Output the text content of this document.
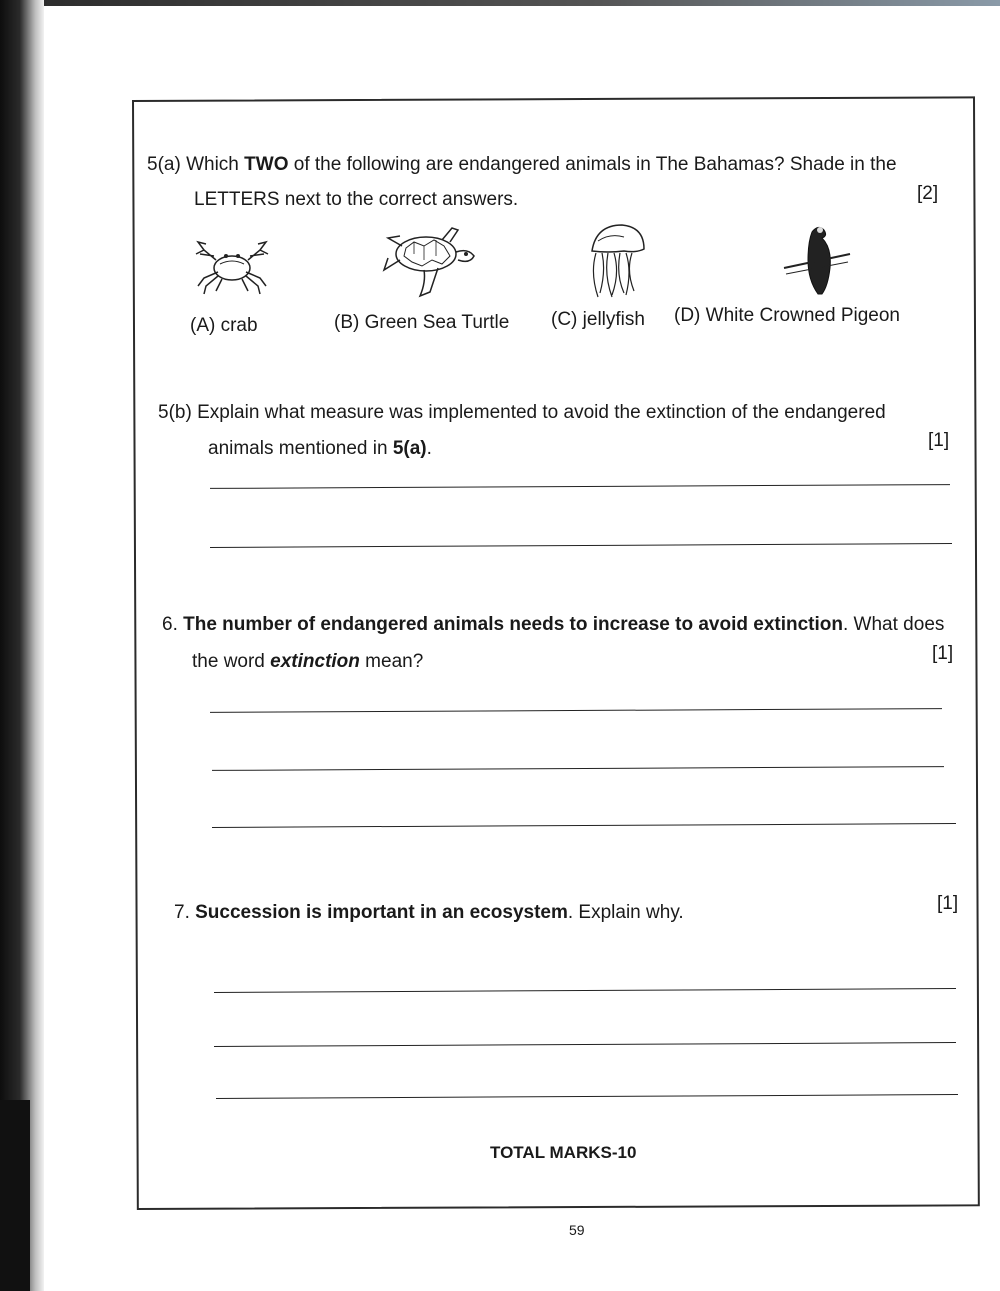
5(a) Which TWO of the following are endangered animals in The Bahamas? Shade in the
LETTERS next to the correct answers.	[2]
(A) crab	(B) Green Sea Turtle (C) jellyfish (D) White Crowned Pigeon
5(b) Explain what measure was implemented to avoid the extinction of the endangered
animals mentioned in 5(a).	[1]
6. The number of endangered animals needs to increase to avoid extinction. What does
the word extinction mean?	[1]
7. Succession is important in an ecosystem. Explain why.	[1]
TOTAL MARKS-10
59
